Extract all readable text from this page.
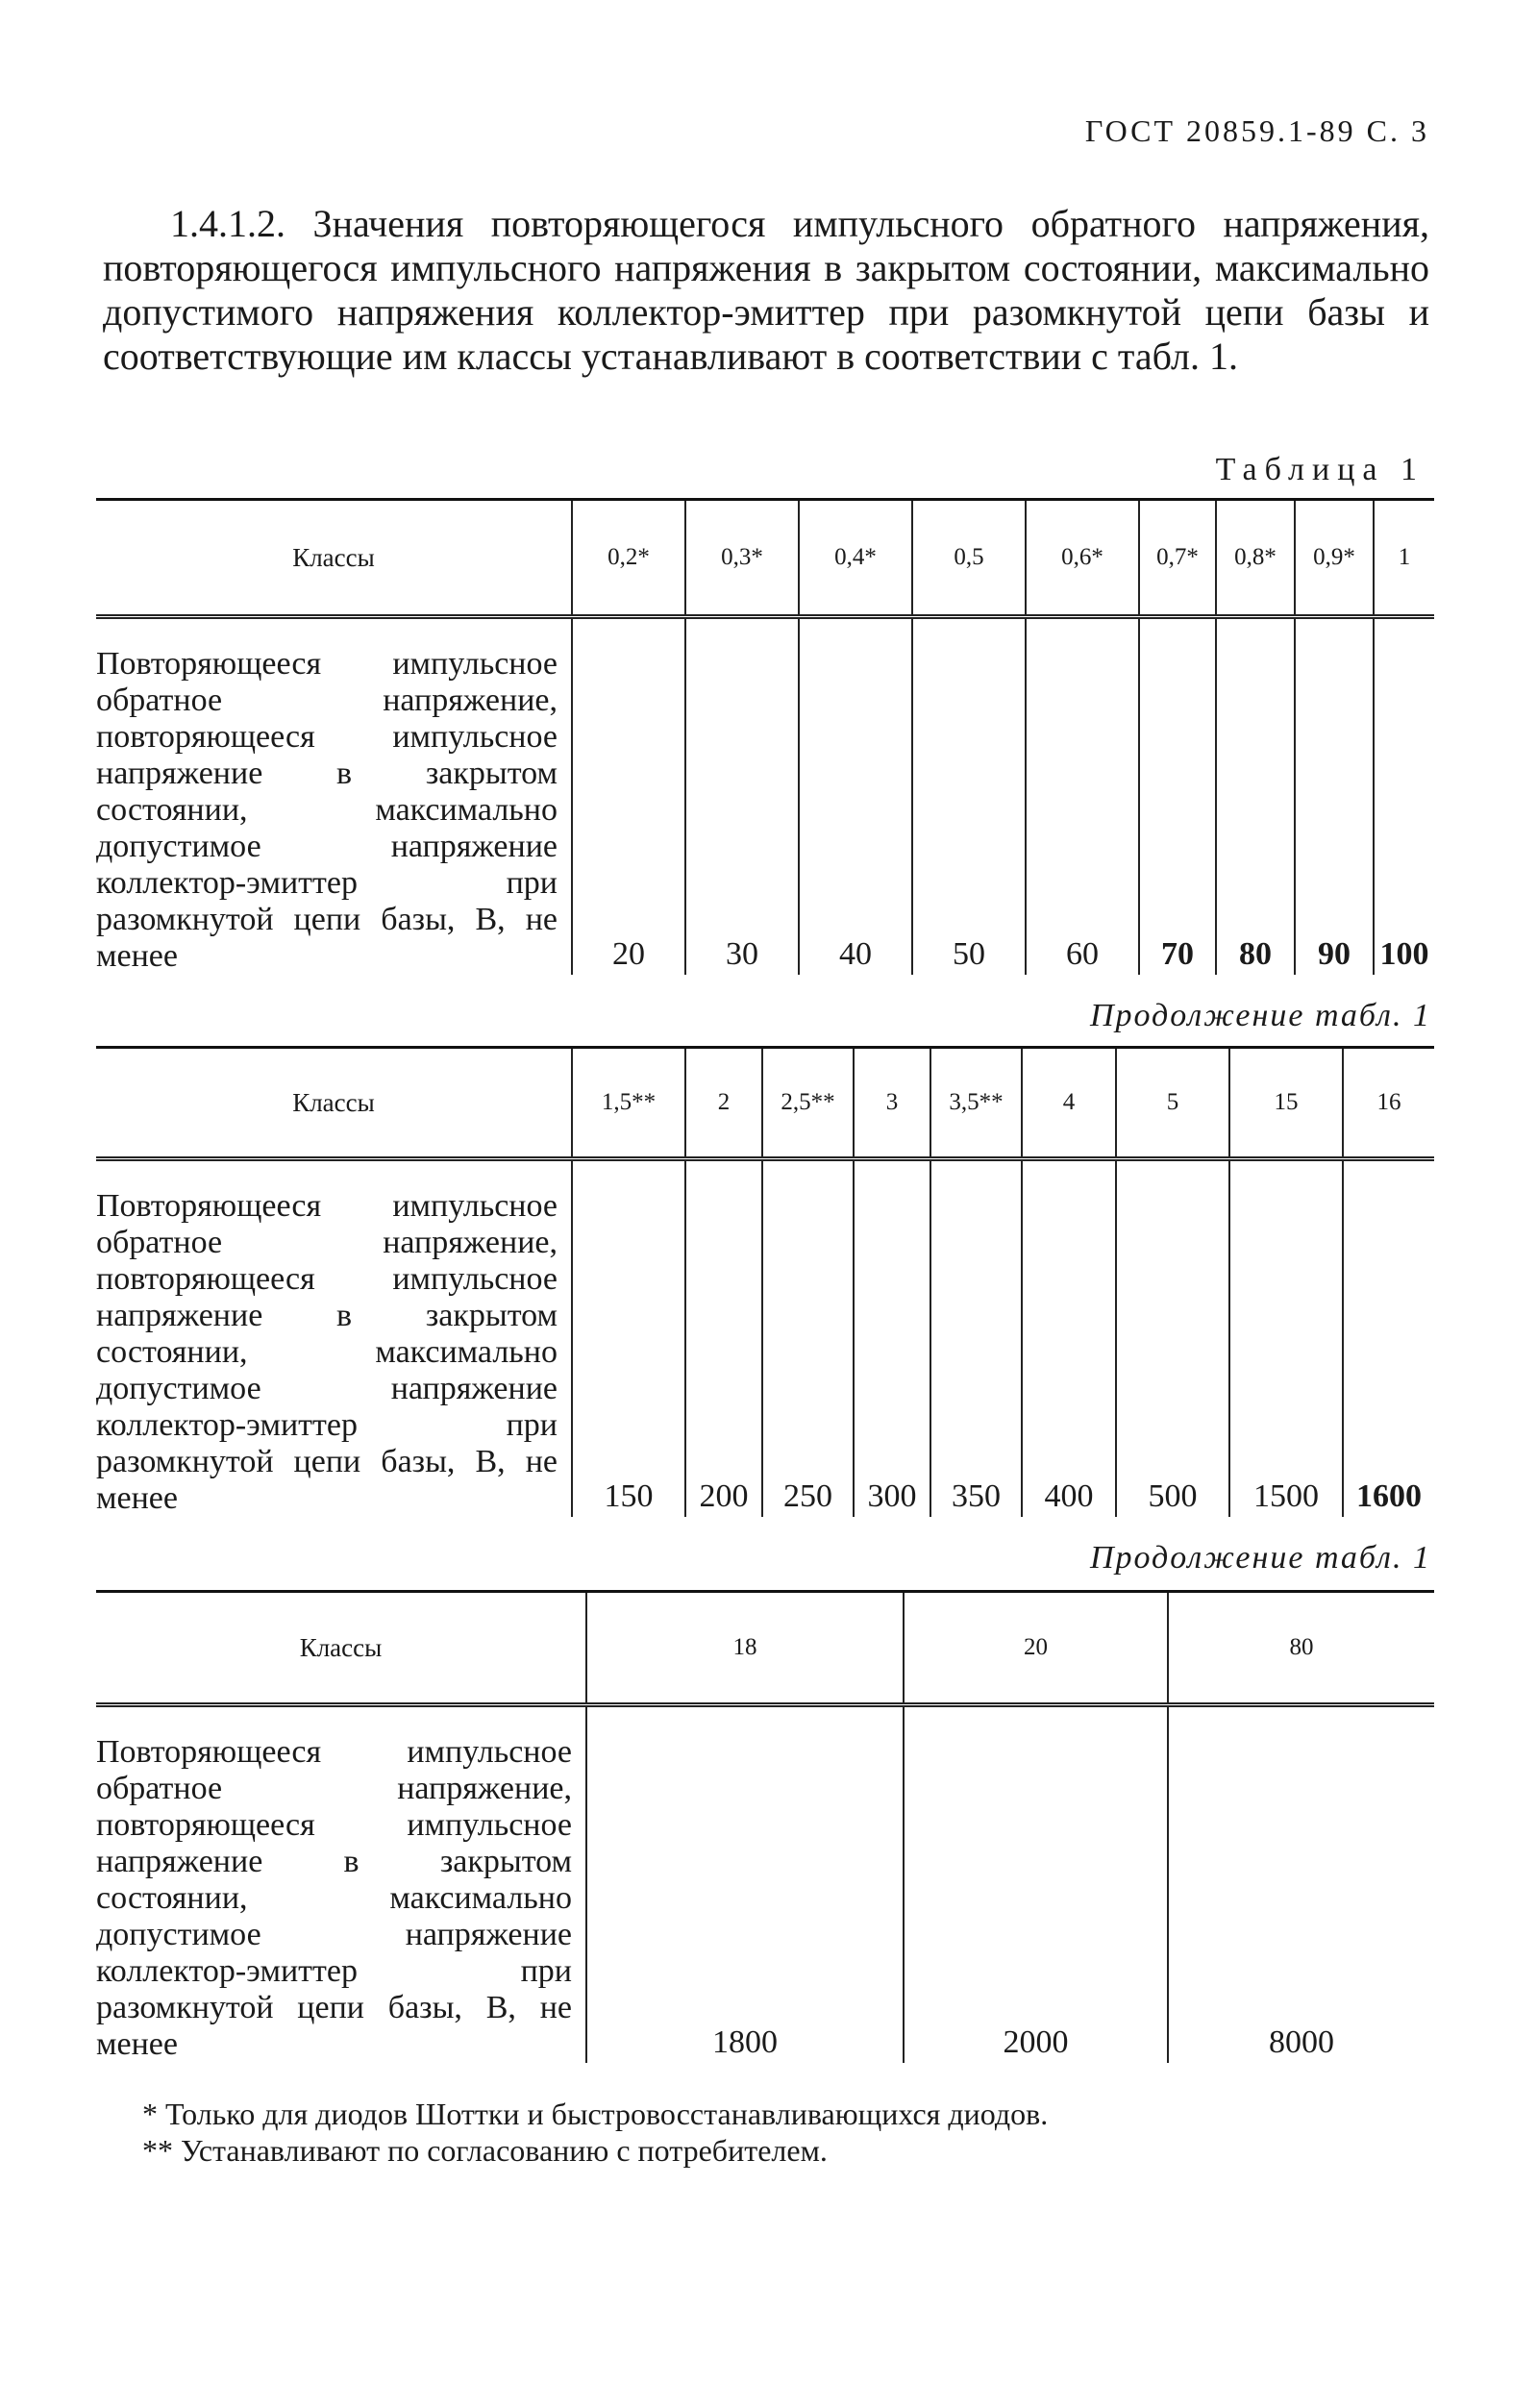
ГОСТ 20859.1-89 С. 3

1.4.1.2. Значения повторяющегося импульсного обратного напряжения, повторяющегося импульсного напряжения в закрытом состоянии, максимально допустимого напряжения коллектор-эмиттер при разомкнутой цепи базы и соответствующие им классы устанавливают в соответствии с табл. 1.

Таблица 1
Классы	0,2*	0,3*	0,4*	0,5	0,6*	0,7*	0,8*	0,9*	1
Повторяющееся импульсное обратное напряжение, повторяющееся импульсное напряжение в закрытом состоянии, максимально допустимое напряжение коллектор-эмиттер при разомкнутой цепи базы, В, не менее	20	30	40	50	60	70	80	90	100
Продолжение табл. 1
Классы	1,5**	2	2,5**	3	3,5**	4	5	15	16
Повторяющееся импульсное обратное напряжение, повторяющееся импульсное напряжение в закрытом состоянии, максимально допустимое напряжение коллектор-эмиттер при разомкнутой цепи базы, В, не менее	150	200	250	300	350	400	500	1500	1600
Продолжение табл. 1
Классы	18	20	80
Повторяющееся импульсное обратное напряжение, повторяющееся импульсное напряжение в закрытом состоянии, максимально допустимое напряжение коллектор-эмиттер при разомкнутой цепи базы, В, не менее	1800	2000	8000
* Только для диодов Шоттки и быстровосстанавливающихся диодов.
** Устанавливают по согласованию с потребителем.
